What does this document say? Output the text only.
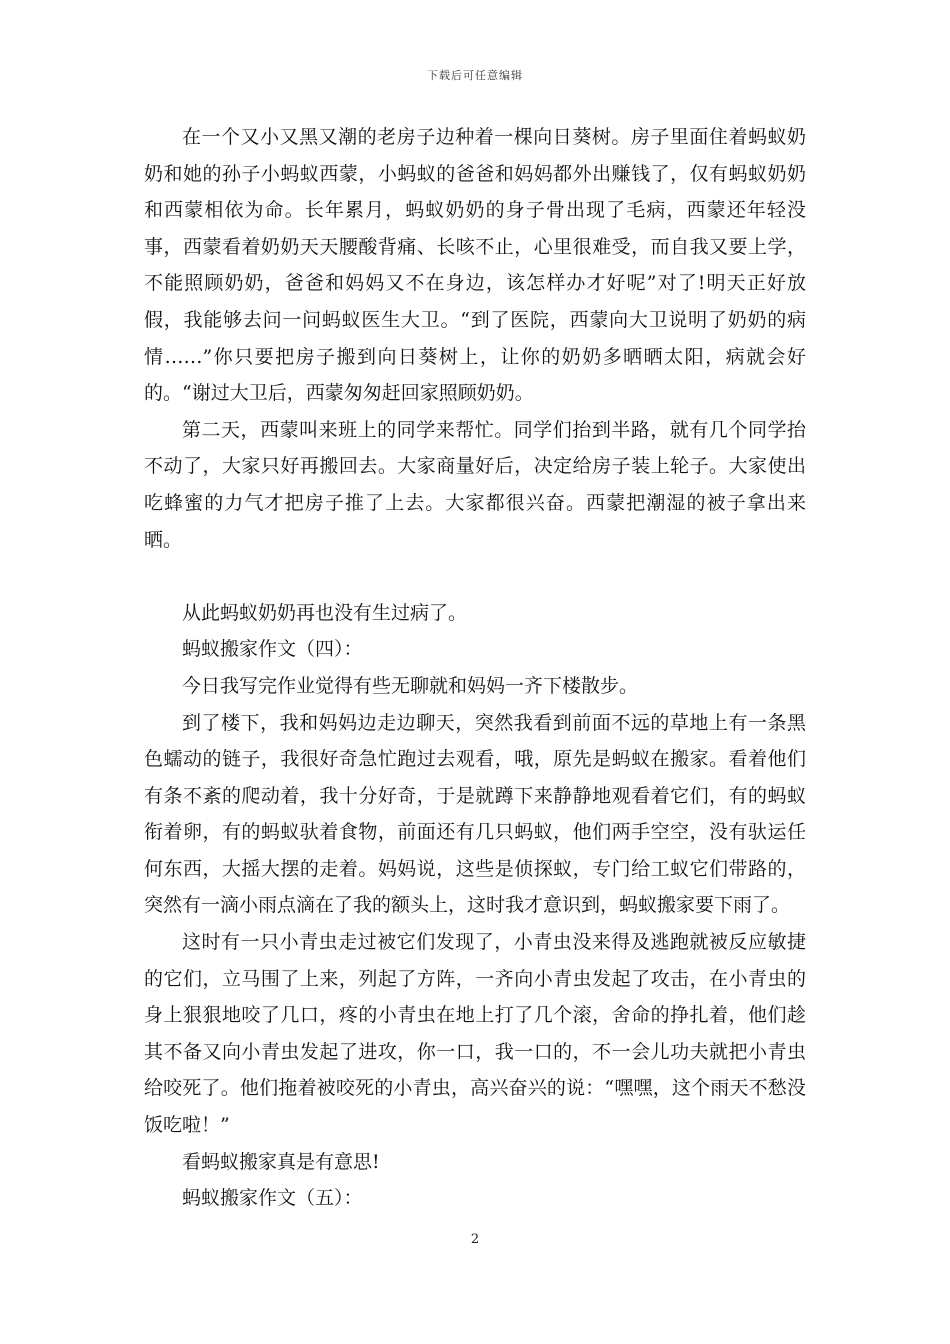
下载后可任意编辑

在一个又小又黑又潮的老房子边种着一棵向日葵树。房子里面住着蚂蚁奶奶和她的孙子小蚂蚁西蒙，小蚂蚁的爸爸和妈妈都外出赚钱了，仅有蚂蚁奶奶和西蒙相依为命。长年累月，蚂蚁奶奶的身子骨出现了毛病，西蒙还年轻没事，西蒙看着奶奶天天腰酸背痛、长咳不止，心里很难受，而自我又要上学，不能照顾奶奶，爸爸和妈妈又不在身边，该怎样办才好呢”对了!明天正好放假，我能够去问一问蚂蚁医生大卫。“到了医院，西蒙向大卫说明了奶奶的病情……”你只要把房子搬到向日葵树上，让你的奶奶多晒晒太阳，病就会好的。“谢过大卫后，西蒙匆匆赶回家照顾奶奶。

第二天，西蒙叫来班上的同学来帮忙。同学们抬到半路，就有几个同学抬不动了，大家只好再搬回去。大家商量好后，决定给房子装上轮子。大家使出吃蜂蜜的力气才把房子推了上去。大家都很兴奋。西蒙把潮湿的被子拿出来晒。

从此蚂蚁奶奶再也没有生过病了。

蚂蚁搬家作文（四）：

今日我写完作业觉得有些无聊就和妈妈一齐下楼散步。

到了楼下，我和妈妈边走边聊天，突然我看到前面不远的草地上有一条黑色蠕动的链子，我很好奇急忙跑过去观看，哦，原先是蚂蚁在搬家。看着他们有条不紊的爬动着，我十分好奇，于是就蹲下来静静地观看着它们，有的蚂蚁衔着卵，有的蚂蚁驮着食物，前面还有几只蚂蚁，他们两手空空，没有驮运任何东西，大摇大摆的走着。妈妈说，这些是侦探蚁，专门给工蚁它们带路的，突然有一滴小雨点滴在了我的额头上，这时我才意识到，蚂蚁搬家要下雨了。

这时有一只小青虫走过被它们发现了，小青虫没来得及逃跑就被反应敏捷的它们，立马围了上来，列起了方阵，一齐向小青虫发起了攻击，在小青虫的身上狠狠地咬了几口，疼的小青虫在地上打了几个滚，舍命的挣扎着，他们趁其不备又向小青虫发起了进攻，你一口，我一口的，不一会儿功夫就把小青虫给咬死了。他们拖着被咬死的小青虫，高兴奋兴的说：“嘿嘿，这个雨天不愁没饭吃啦！”

看蚂蚁搬家真是有意思!

蚂蚁搬家作文（五）：

2
